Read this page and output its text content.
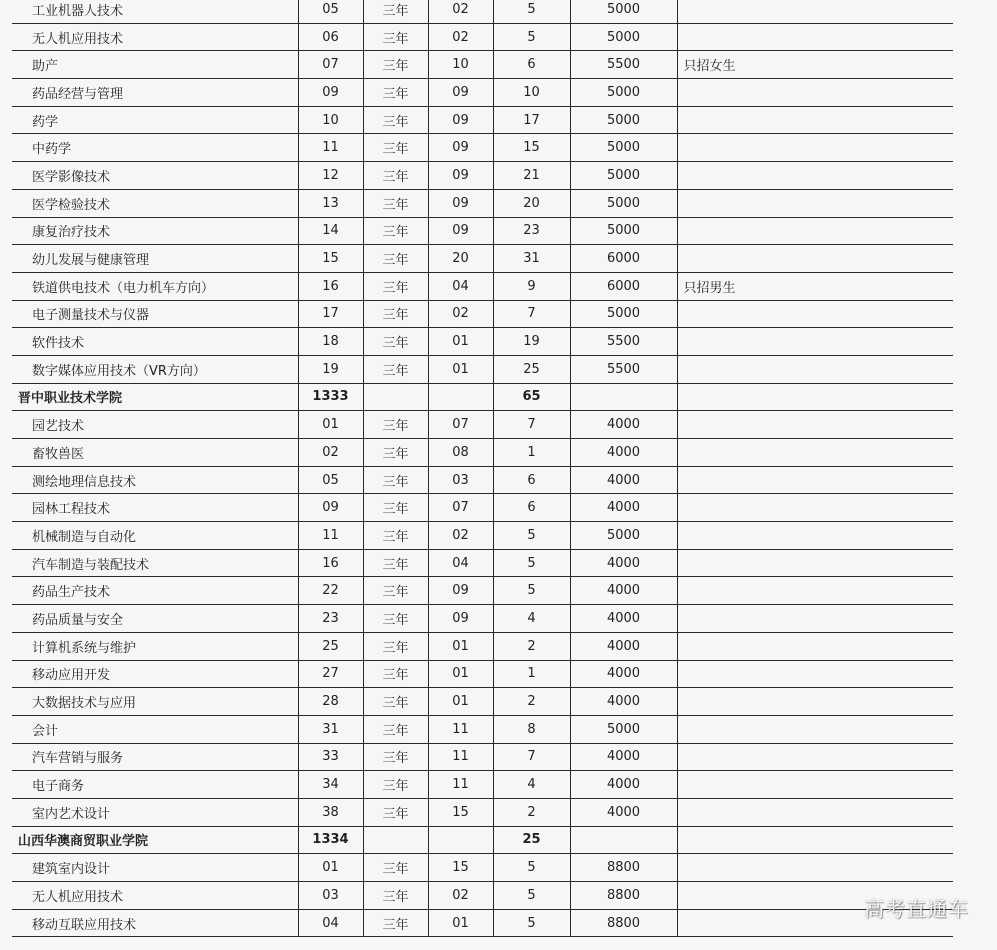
工业机器人技术	05	三年	02	5	5000	
无人机应用技术	06	三年	02	5	5000	
助产	07	三年	10	6	5500	只招女生
药品经营与管理	09	三年	09	10	5000	
药学	10	三年	09	17	5000	
中药学	11	三年	09	15	5000	
医学影像技术	12	三年	09	21	5000	
医学检验技术	13	三年	09	20	5000	
康复治疗技术	14	三年	09	23	5000	
幼儿发展与健康管理	15	三年	20	31	6000	
铁道供电技术（电力机车方向）	16	三年	04	9	6000	只招男生
电子测量技术与仪器	17	三年	02	7	5000	
软件技术	18	三年	01	19	5500	
数字媒体应用技术（VR方向）	19	三年	01	25	5500	
晋中职业技术学院	1333			65		
园艺技术	01	三年	07	7	4000	
畜牧兽医	02	三年	08	1	4000	
测绘地理信息技术	05	三年	03	6	4000	
园林工程技术	09	三年	07	6	4000	
机械制造与自动化	11	三年	02	5	5000	
汽车制造与装配技术	16	三年	04	5	4000	
药品生产技术	22	三年	09	5	4000	
药品质量与安全	23	三年	09	4	4000	
计算机系统与维护	25	三年	01	2	4000	
移动应用开发	27	三年	01	1	4000	
大数据技术与应用	28	三年	01	2	4000	
会计	31	三年	11	8	5000	
汽车营销与服务	33	三年	11	7	4000	
电子商务	34	三年	11	4	4000	
室内艺术设计	38	三年	15	2	4000	
山西华澳商贸职业学院	1334			25		
建筑室内设计	01	三年	15	5	8800	
无人机应用技术	03	三年	02	5	8800	
移动互联应用技术	04	三年	01	5	8800	
高考直通车
